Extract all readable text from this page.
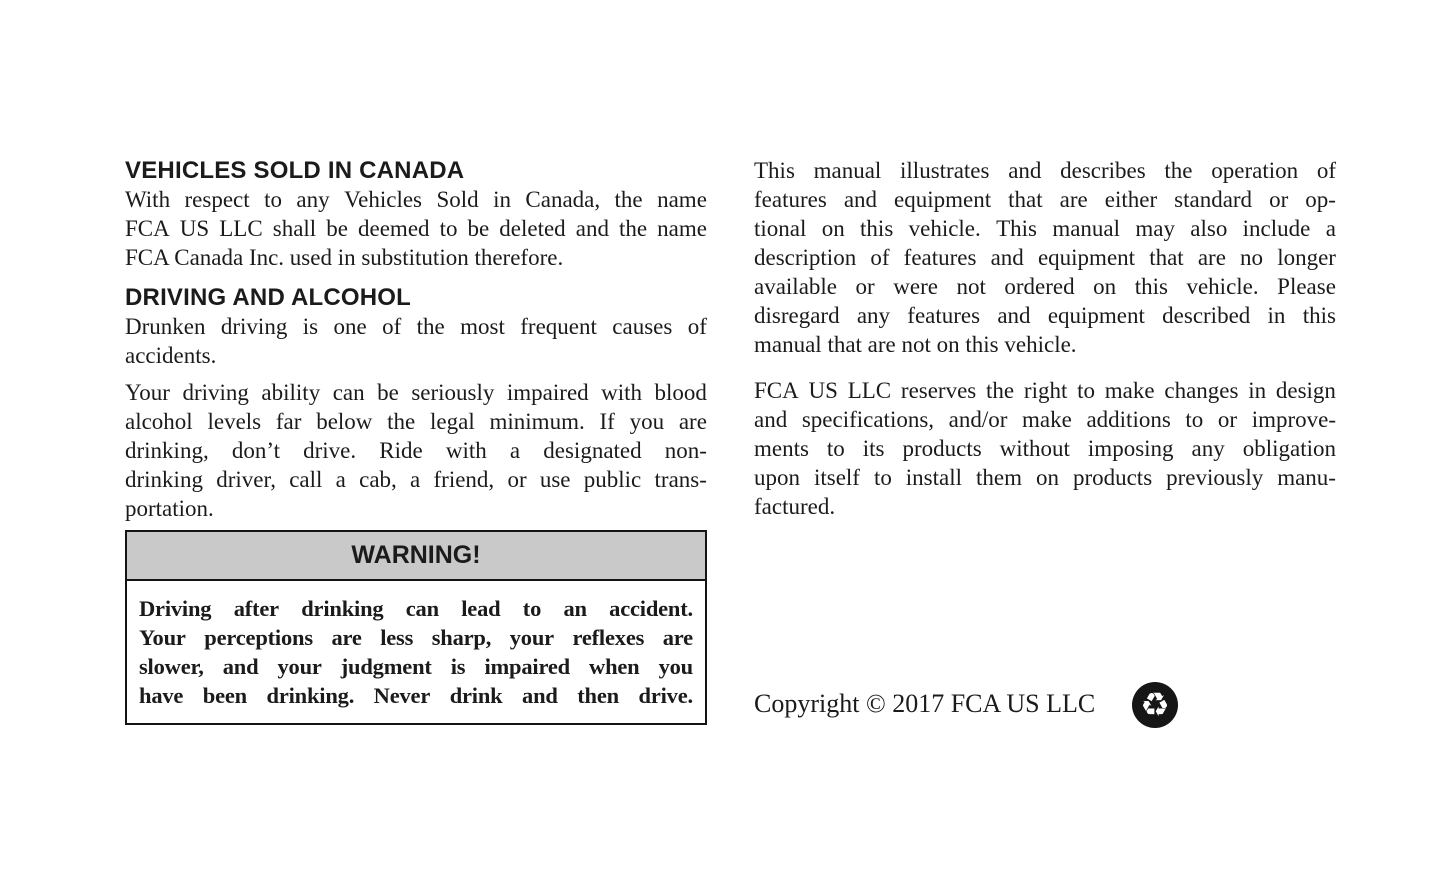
VEHICLES SOLD IN CANADA
With respect to any Vehicles Sold in Canada, the name
FCA US LLC shall be deemed to be deleted and the name
FCA Canada Inc. used in substitution therefore.
DRIVING AND ALCOHOL
Drunken driving is one of the most frequent causes of
accidents.
Your driving ability can be seriously impaired with blood
alcohol levels far below the legal minimum. If you are
drinking, don’t drive. Ride with a designated non-
drinking driver, call a cab, a friend, or use public trans-
portation.
WARNING!
Driving after drinking can lead to an accident.
Your perceptions are less sharp, your reflexes are
slower, and your judgment is impaired when you
have been drinking. Never drink and then drive.
This manual illustrates and describes the operation of
features and equipment that are either standard or op-
tional on this vehicle. This manual may also include a
description of features and equipment that are no longer
available or were not ordered on this vehicle. Please
disregard any features and equipment described in this
manual that are not on this vehicle.
FCA US LLC reserves the right to make changes in design
and specifications, and/or make additions to or improve-
ments to its products without imposing any obligation
upon itself to install them on products previously manu-
factured.
Copyright © 2017 FCA US LLC ♻
